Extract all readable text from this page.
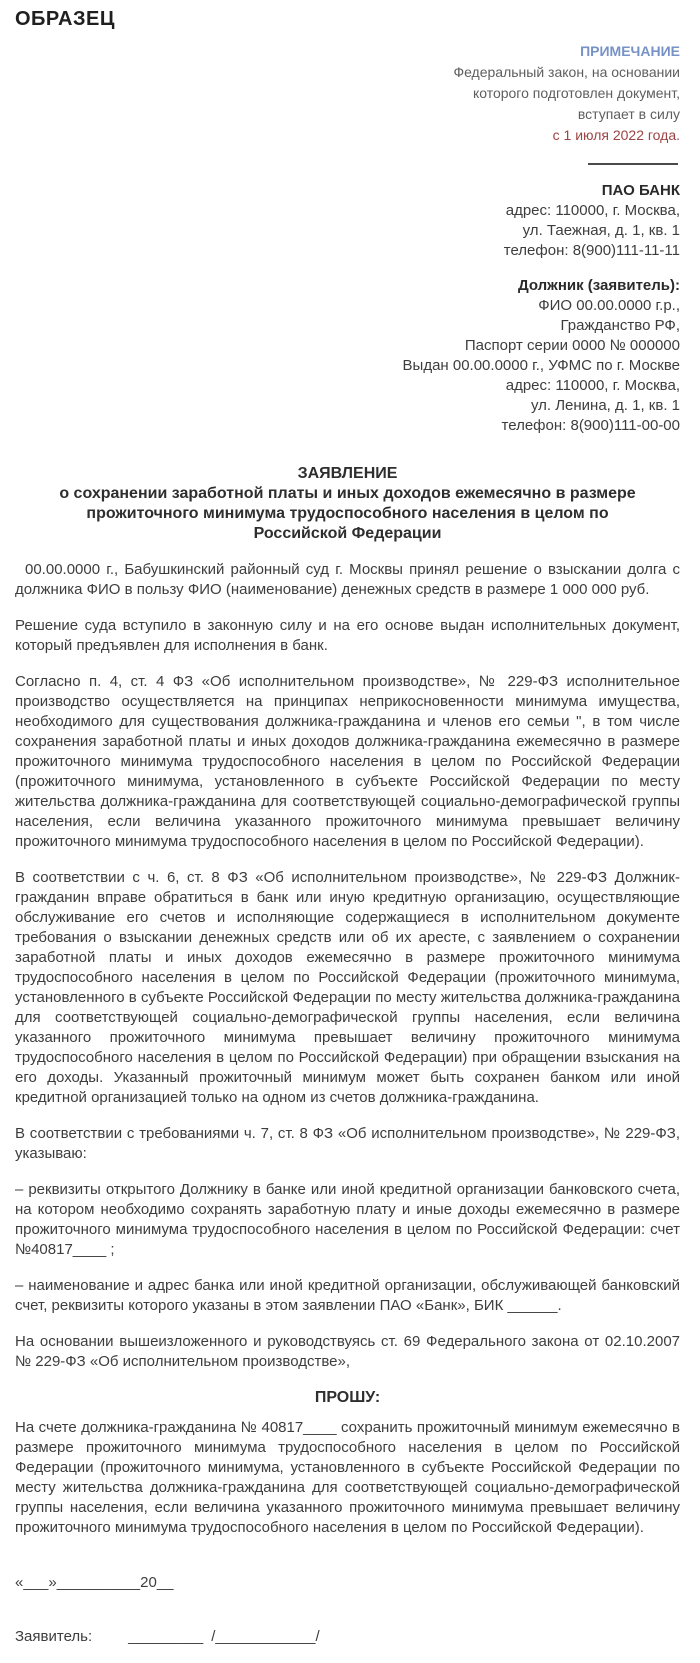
ОБРАЗЕЦ
ПРИМЕЧАНИЕ
Федеральный закон, на основании
которого подготовлен документ,
вступает в силу
с 1 июля 2022 года.
ПАО БАНК
адрес: 110000, г. Москва,
ул. Таежная, д. 1, кв. 1
телефон: 8(900)111-11-11
Должник (заявитель):
ФИО 00.00.0000 г.р.,
Гражданство РФ,
Паспорт серии 0000 № 000000
Выдан 00.00.0000 г., УФМС по г. Москве
адрес: 110000, г. Москва,
ул. Ленина, д. 1, кв. 1
телефон: 8(900)111-00-00
ЗАЯВЛЕНИЕ
о сохранении заработной платы и иных доходов ежемесячно в размере прожиточного минимума трудоспособного населения в целом по Российской Федерации

00.00.0000 г., Бабушкинский районный суд г. Москвы принял решение о взыскании долга с должника ФИО в пользу ФИО (наименование) денежных средств в размере 1 000 000 руб.

Решение суда вступило в законную силу и на его основе выдан исполнительных документ, который предъявлен для исполнения в банк.

Согласно п. 4, ст. 4 ФЗ «Об исполнительном производстве», № 229-ФЗ исполнительное производство осуществляется на принципах неприкосновенности минимума имущества, необходимого для существования должника-гражданина и членов его семьи ", в том числе сохранения заработной платы и иных доходов должника-гражданина ежемесячно в размере прожиточного минимума трудоспособного населения в целом по Российской Федерации (прожиточного минимума, установленного в субъекте Российской Федерации по месту жительства должника-гражданина для соответствующей социально-демографической группы населения, если величина указанного прожиточного минимума превышает величину прожиточного минимума трудоспособного населения в целом по Российской Федерации).

В соответствии с ч. 6, ст. 8 ФЗ «Об исполнительном производстве», № 229-ФЗ Должник-гражданин вправе обратиться в банк или иную кредитную организацию, осуществляющие обслуживание его счетов и исполняющие содержащиеся в исполнительном документе требования о взыскании денежных средств или об их аресте, с заявлением о сохранении заработной платы и иных доходов ежемесячно в размере прожиточного минимума трудоспособного населения в целом по Российской Федерации (прожиточного минимума, установленного в субъекте Российской Федерации по месту жительства должника-гражданина для соответствующей социально-демографической группы населения, если величина указанного прожиточного минимума превышает величину прожиточного минимума трудоспособного населения в целом по Российской Федерации) при обращении взыскания на его доходы. Указанный прожиточный минимум может быть сохранен банком или иной кредитной организацией только на одном из счетов должника-гражданина.

В соответствии с требованиями ч. 7, ст. 8 ФЗ «Об исполнительном производстве», № 229-ФЗ, указываю:

– реквизиты открытого Должнику в банке или иной кредитной организации банковского счета, на котором необходимо сохранять заработную плату и иные доходы ежемесячно в размере прожиточного минимума трудоспособного населения в целом по Российской Федерации: счет №40817____ ;

– наименование и адрес банка или иной кредитной организации, обслуживающей банковский счет, реквизиты которого указаны в этом заявлении ПАО «Банк», БИК ______.

На основании вышеизложенного и руководствуясь ст. 69 Федерального закона от 02.10.2007 № 229-ФЗ «Об исполнительном производстве»,

ПРОШУ:

На счете должника-гражданина № 40817____ сохранить прожиточный минимум ежемесячно в размере прожиточного минимума трудоспособного населения в целом по Российской Федерации (прожиточного минимума, установленного в субъекте Российской Федерации по месту жительства должника-гражданина для соответствующей социально-демографической группы населения, если величина указанного прожиточного минимума превышает величину прожиточного минимума трудоспособного населения в целом по Российской Федерации).

«___»__________20__
Заявитель: _________ /____________/
